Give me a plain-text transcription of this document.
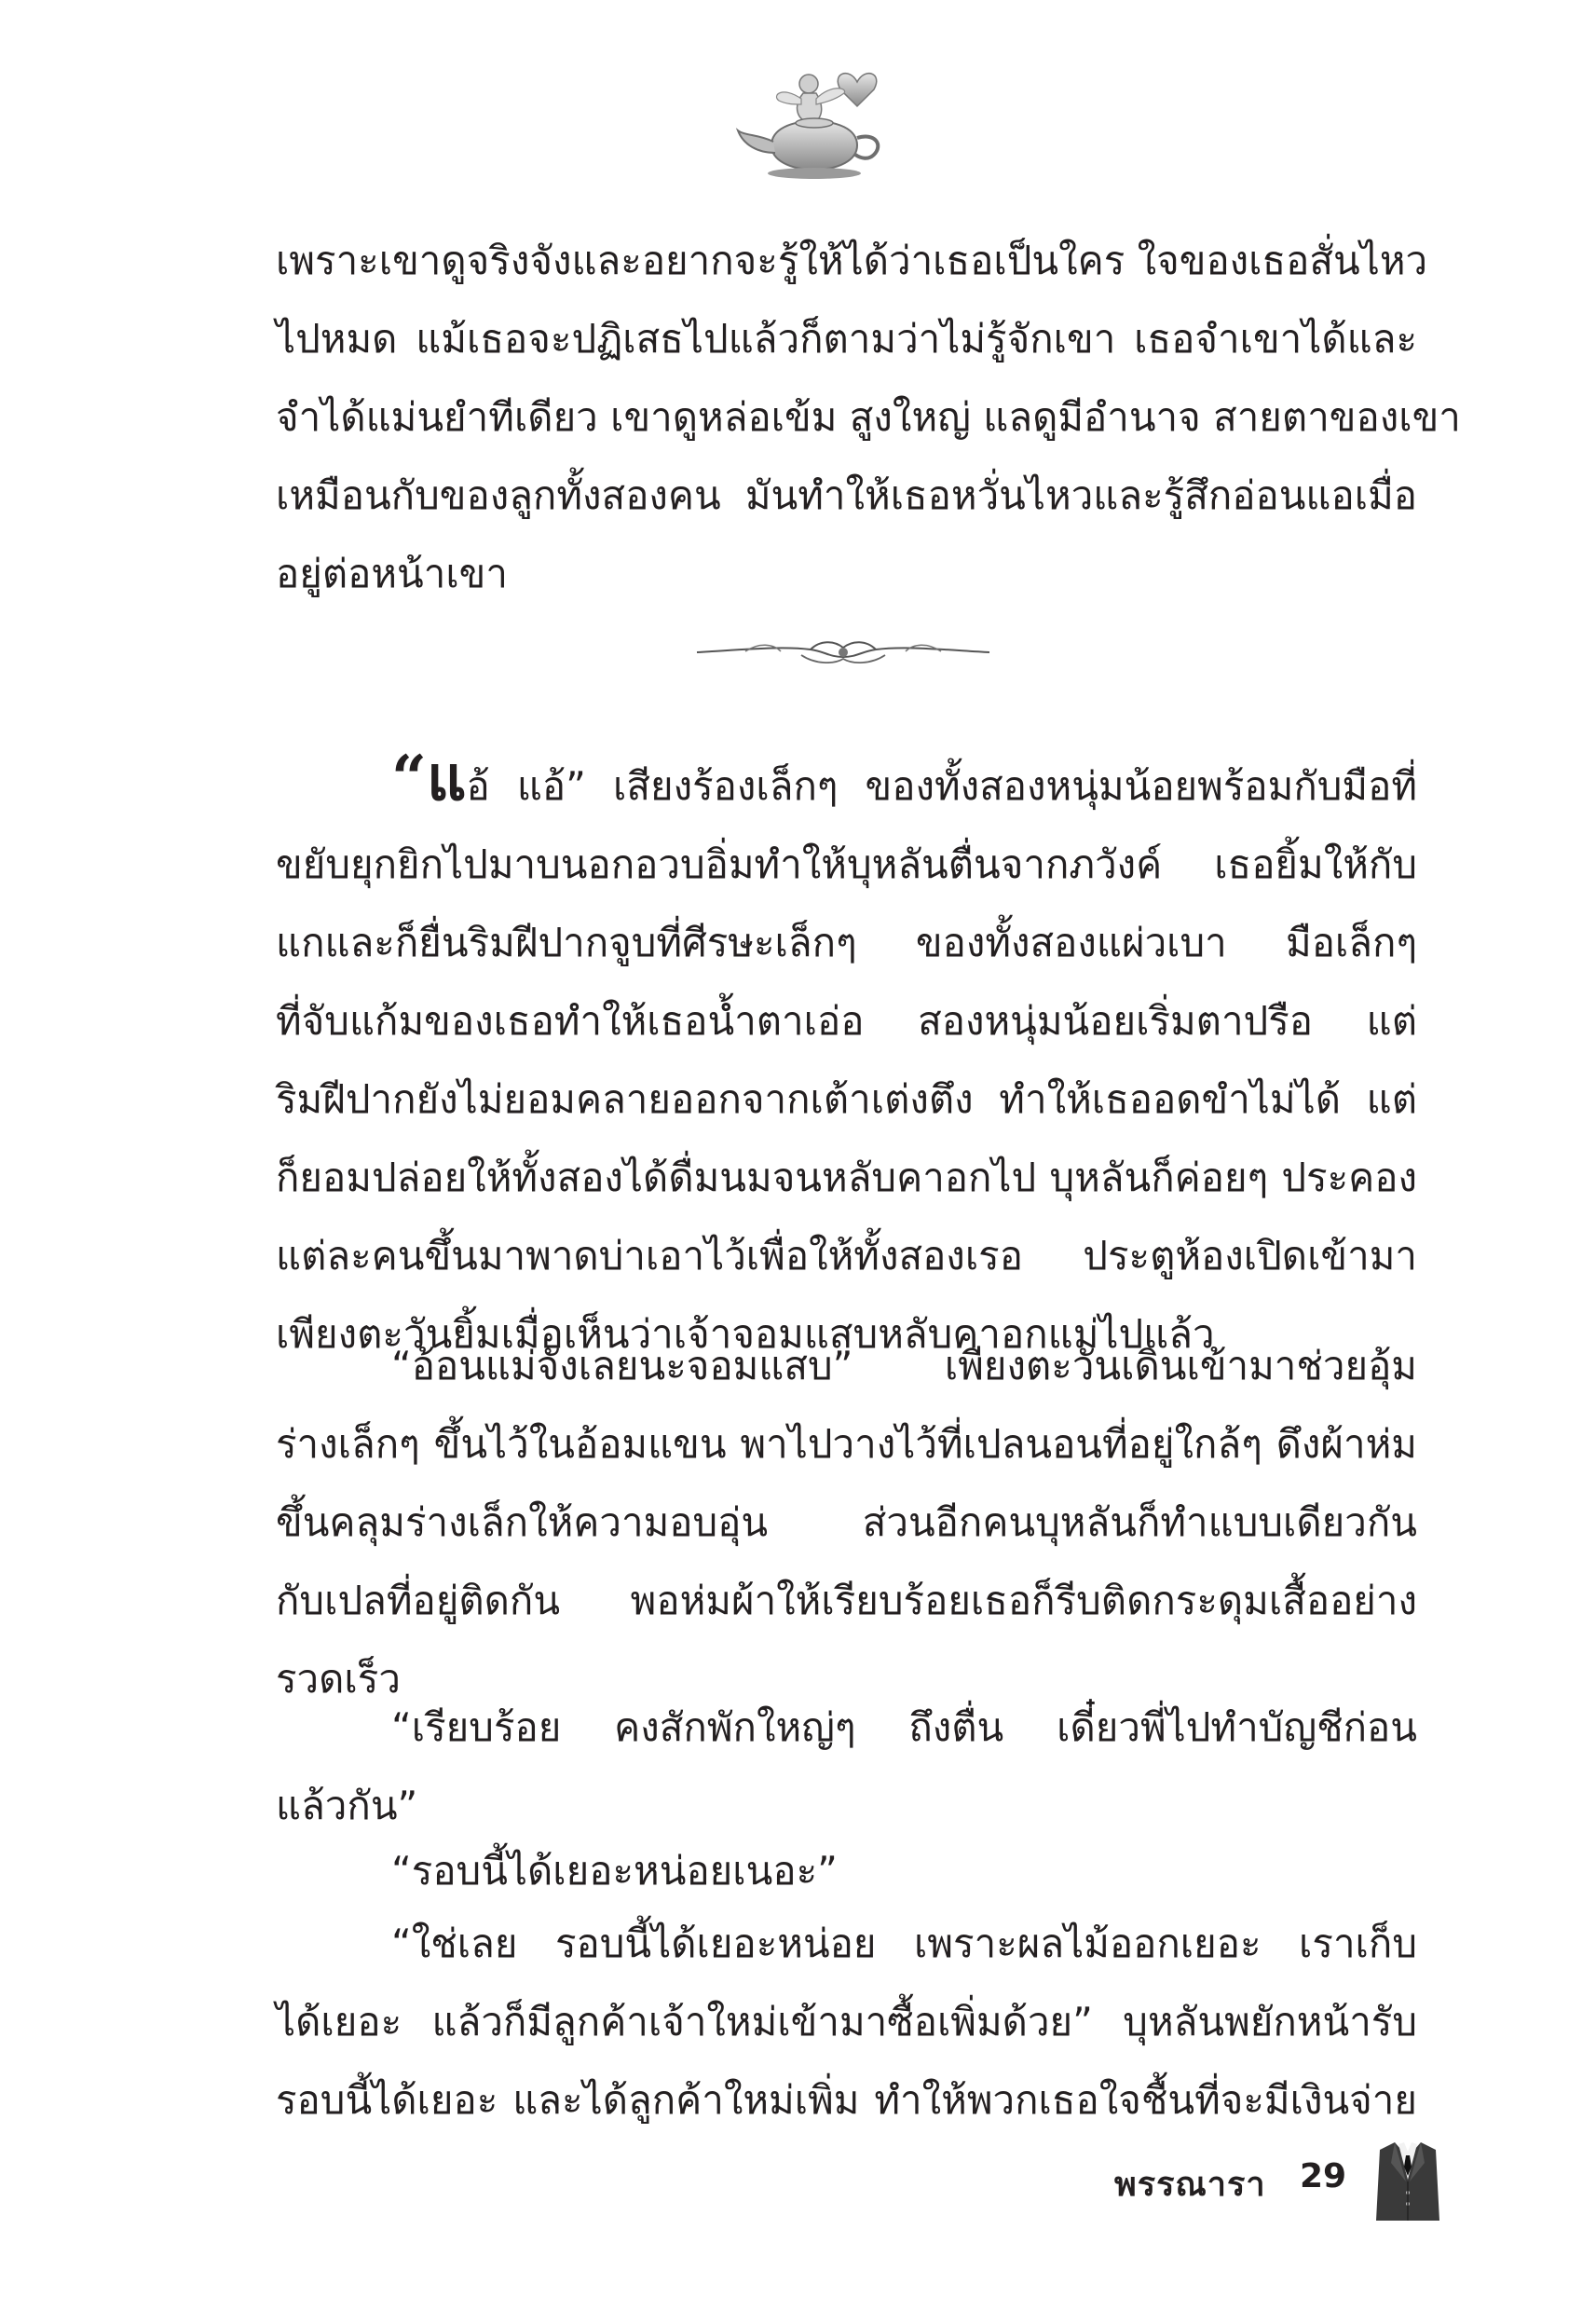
เพราะเขาดูจริงจังและอยากจะรู้ให้ได้ว่าเธอเป็นใคร ใจของเธอสั่นไหว
ไปหมด แม้เธอจะปฏิเสธไปแล้วก็ตามว่าไม่รู้จักเขา เธอจำเขาได้และ
จำได้แม่นยำทีเดียว เขาดูหล่อเข้ม สูงใหญ่ แลดูมีอำนาจ สายตาของเขา
เหมือนกับของลูกทั้งสองคน มันทำให้เธอหวั่นไหวและรู้สึกอ่อนแอเมื่อ
อยู่ต่อหน้าเขา
“แอ้ แอ้” เสียงร้องเล็กๆ ของทั้งสองหนุ่มน้อยพร้อมกับมือที่
ขยับยุกยิกไปมาบนอกอวบอิ่มทำให้บุหลันตื่นจากภวังค์ เธอยิ้มให้กับ
แกและก็ยื่นริมฝีปากจูบที่ศีรษะเล็กๆ ของทั้งสองแผ่วเบา มือเล็กๆ
ที่จับแก้มของเธอทำให้เธอน้ำตาเอ่อ สองหนุ่มน้อยเริ่มตาปรือ แต่
ริมฝีปากยังไม่ยอมคลายออกจากเต้าเต่งตึง ทำให้เธออดขำไม่ได้ แต่
ก็ยอมปล่อยให้ทั้งสองได้ดื่มนมจนหลับคาอกไป บุหลันก็ค่อยๆ ประคอง
แต่ละคนขึ้นมาพาดบ่าเอาไว้เพื่อให้ทั้งสองเรอ ประตูห้องเปิดเข้ามา
เพียงตะวันยิ้มเมื่อเห็นว่าเจ้าจอมแสบหลับคาอกแม่ไปแล้ว
“อ้อนแม่จังเลยนะจอมแสบ” เพียงตะวันเดินเข้ามาช่วยอุ้ม
ร่างเล็กๆ ขึ้นไว้ในอ้อมแขน พาไปวางไว้ที่เปลนอนที่อยู่ใกล้ๆ ดึงผ้าห่ม
ขึ้นคลุมร่างเล็กให้ความอบอุ่น ส่วนอีกคนบุหลันก็ทำแบบเดียวกัน
กับเปลที่อยู่ติดกัน พอห่มผ้าให้เรียบร้อยเธอก็รีบติดกระดุมเสื้ออย่าง
รวดเร็ว
“เรียบร้อย คงสักพักใหญ่ๆ ถึงตื่น เดี๋ยวพี่ไปทำบัญชีก่อน
แล้วกัน”
“รอบนี้ได้เยอะหน่อยเนอะ”
“ใช่เลย รอบนี้ได้เยอะหน่อย เพราะผลไม้ออกเยอะ เราเก็บ
ได้เยอะ แล้วก็มีลูกค้าเจ้าใหม่เข้ามาซื้อเพิ่มด้วย” บุหลันพยักหน้ารับ
รอบนี้ได้เยอะ และได้ลูกค้าใหม่เพิ่ม ทำให้พวกเธอใจชื้นที่จะมีเงินจ่าย
พรรณารา 29
